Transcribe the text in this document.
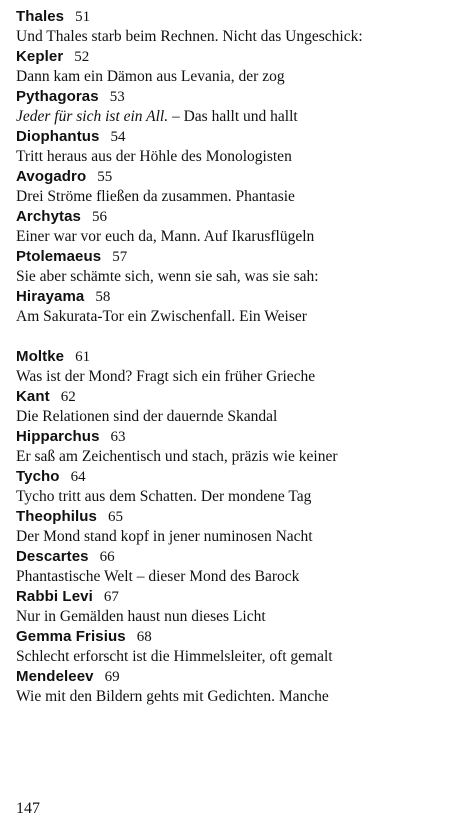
Thales 51
Und Thales starb beim Rechnen. Nicht das Ungeschick:
Kepler 52
Dann kam ein Dämon aus Levania, der zog
Pythagoras 53
Jeder für sich ist ein All. – Das hallt und hallt
Diophantus 54
Tritt heraus aus der Höhle des Monologisten
Avogadro 55
Drei Ströme fließen da zusammen. Phantasie
Archytas 56
Einer war vor euch da, Mann. Auf Ikarusflügeln
Ptolemaeus 57
Sie aber schämte sich, wenn sie sah, was sie sah:
Hirayama 58
Am Sakurata-Tor ein Zwischenfall. Ein Weiser
Moltke 61
Was ist der Mond? Fragt sich ein früher Grieche
Kant 62
Die Relationen sind der dauernde Skandal
Hipparchus 63
Er saß am Zeichentisch und stach, präzis wie keiner
Tycho 64
Tycho tritt aus dem Schatten. Der mondene Tag
Theophilus 65
Der Mond stand kopf in jener numinosen Nacht
Descartes 66
Phantastische Welt – dieser Mond des Barock
Rabbi Levi 67
Nur in Gemälden haust nun dieses Licht
Gemma Frisius 68
Schlecht erforscht ist die Himmelsleiter, oft gemalt
Mendeleev 69
Wie mit den Bildern gehts mit Gedichten. Manche
147
